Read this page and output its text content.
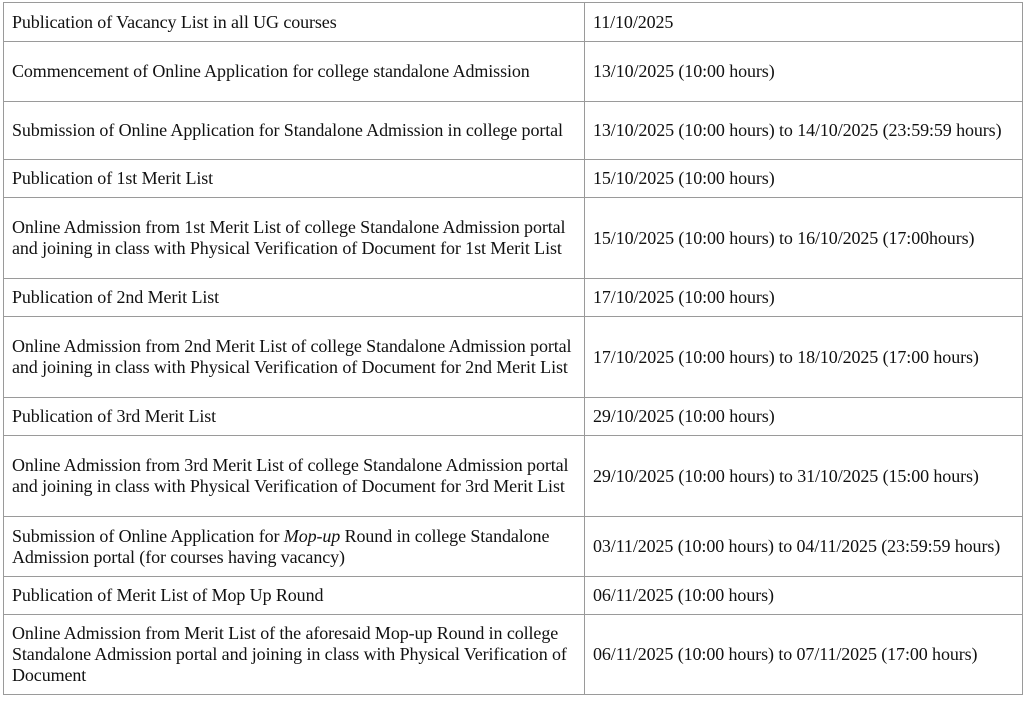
Publication of Vacancy List in all UG courses	11/10/2025

Commencement of Online Application for college standalone Admission	13/10/2025 (10:00 hours)

Submission of Online Application for Standalone Admission in college portal	13/10/2025 (10:00 hours) to 14/10/2025 (23:59:59 hours)

Publication of 1st Merit List	15/10/2025 (10:00 hours)

Online Admission from 1st Merit List of college Standalone Admission portal and joining in class with Physical Verification of Document for 1st Merit List	15/10/2025 (10:00 hours) to 16/10/2025 (17:00hours)

Publication of 2nd Merit List	17/10/2025 (10:00 hours)

Online Admission from 2nd Merit List of college Standalone Admission portal and joining in class with Physical Verification of Document for 2nd Merit List	17/10/2025 (10:00 hours) to 18/10/2025 (17:00 hours)

Publication of 3rd Merit List	29/10/2025 (10:00 hours)

Online Admission from 3rd Merit List of college Standalone Admission portal and joining in class with Physical Verification of Document for 3rd Merit List	29/10/2025 (10:00 hours) to 31/10/2025 (15:00 hours)

Submission of Online Application for Mop-up Round in college Standalone Admission portal (for courses having vacancy)	03/11/2025 (10:00 hours) to 04/11/2025 (23:59:59 hours)

Publication of Merit List of Mop Up Round	06/11/2025 (10:00 hours)

Online Admission from Merit List of the aforesaid Mop-up Round in college Standalone Admission portal and joining in class with Physical Verification of Document	06/11/2025 (10:00 hours) to 07/11/2025 (17:00 hours)
